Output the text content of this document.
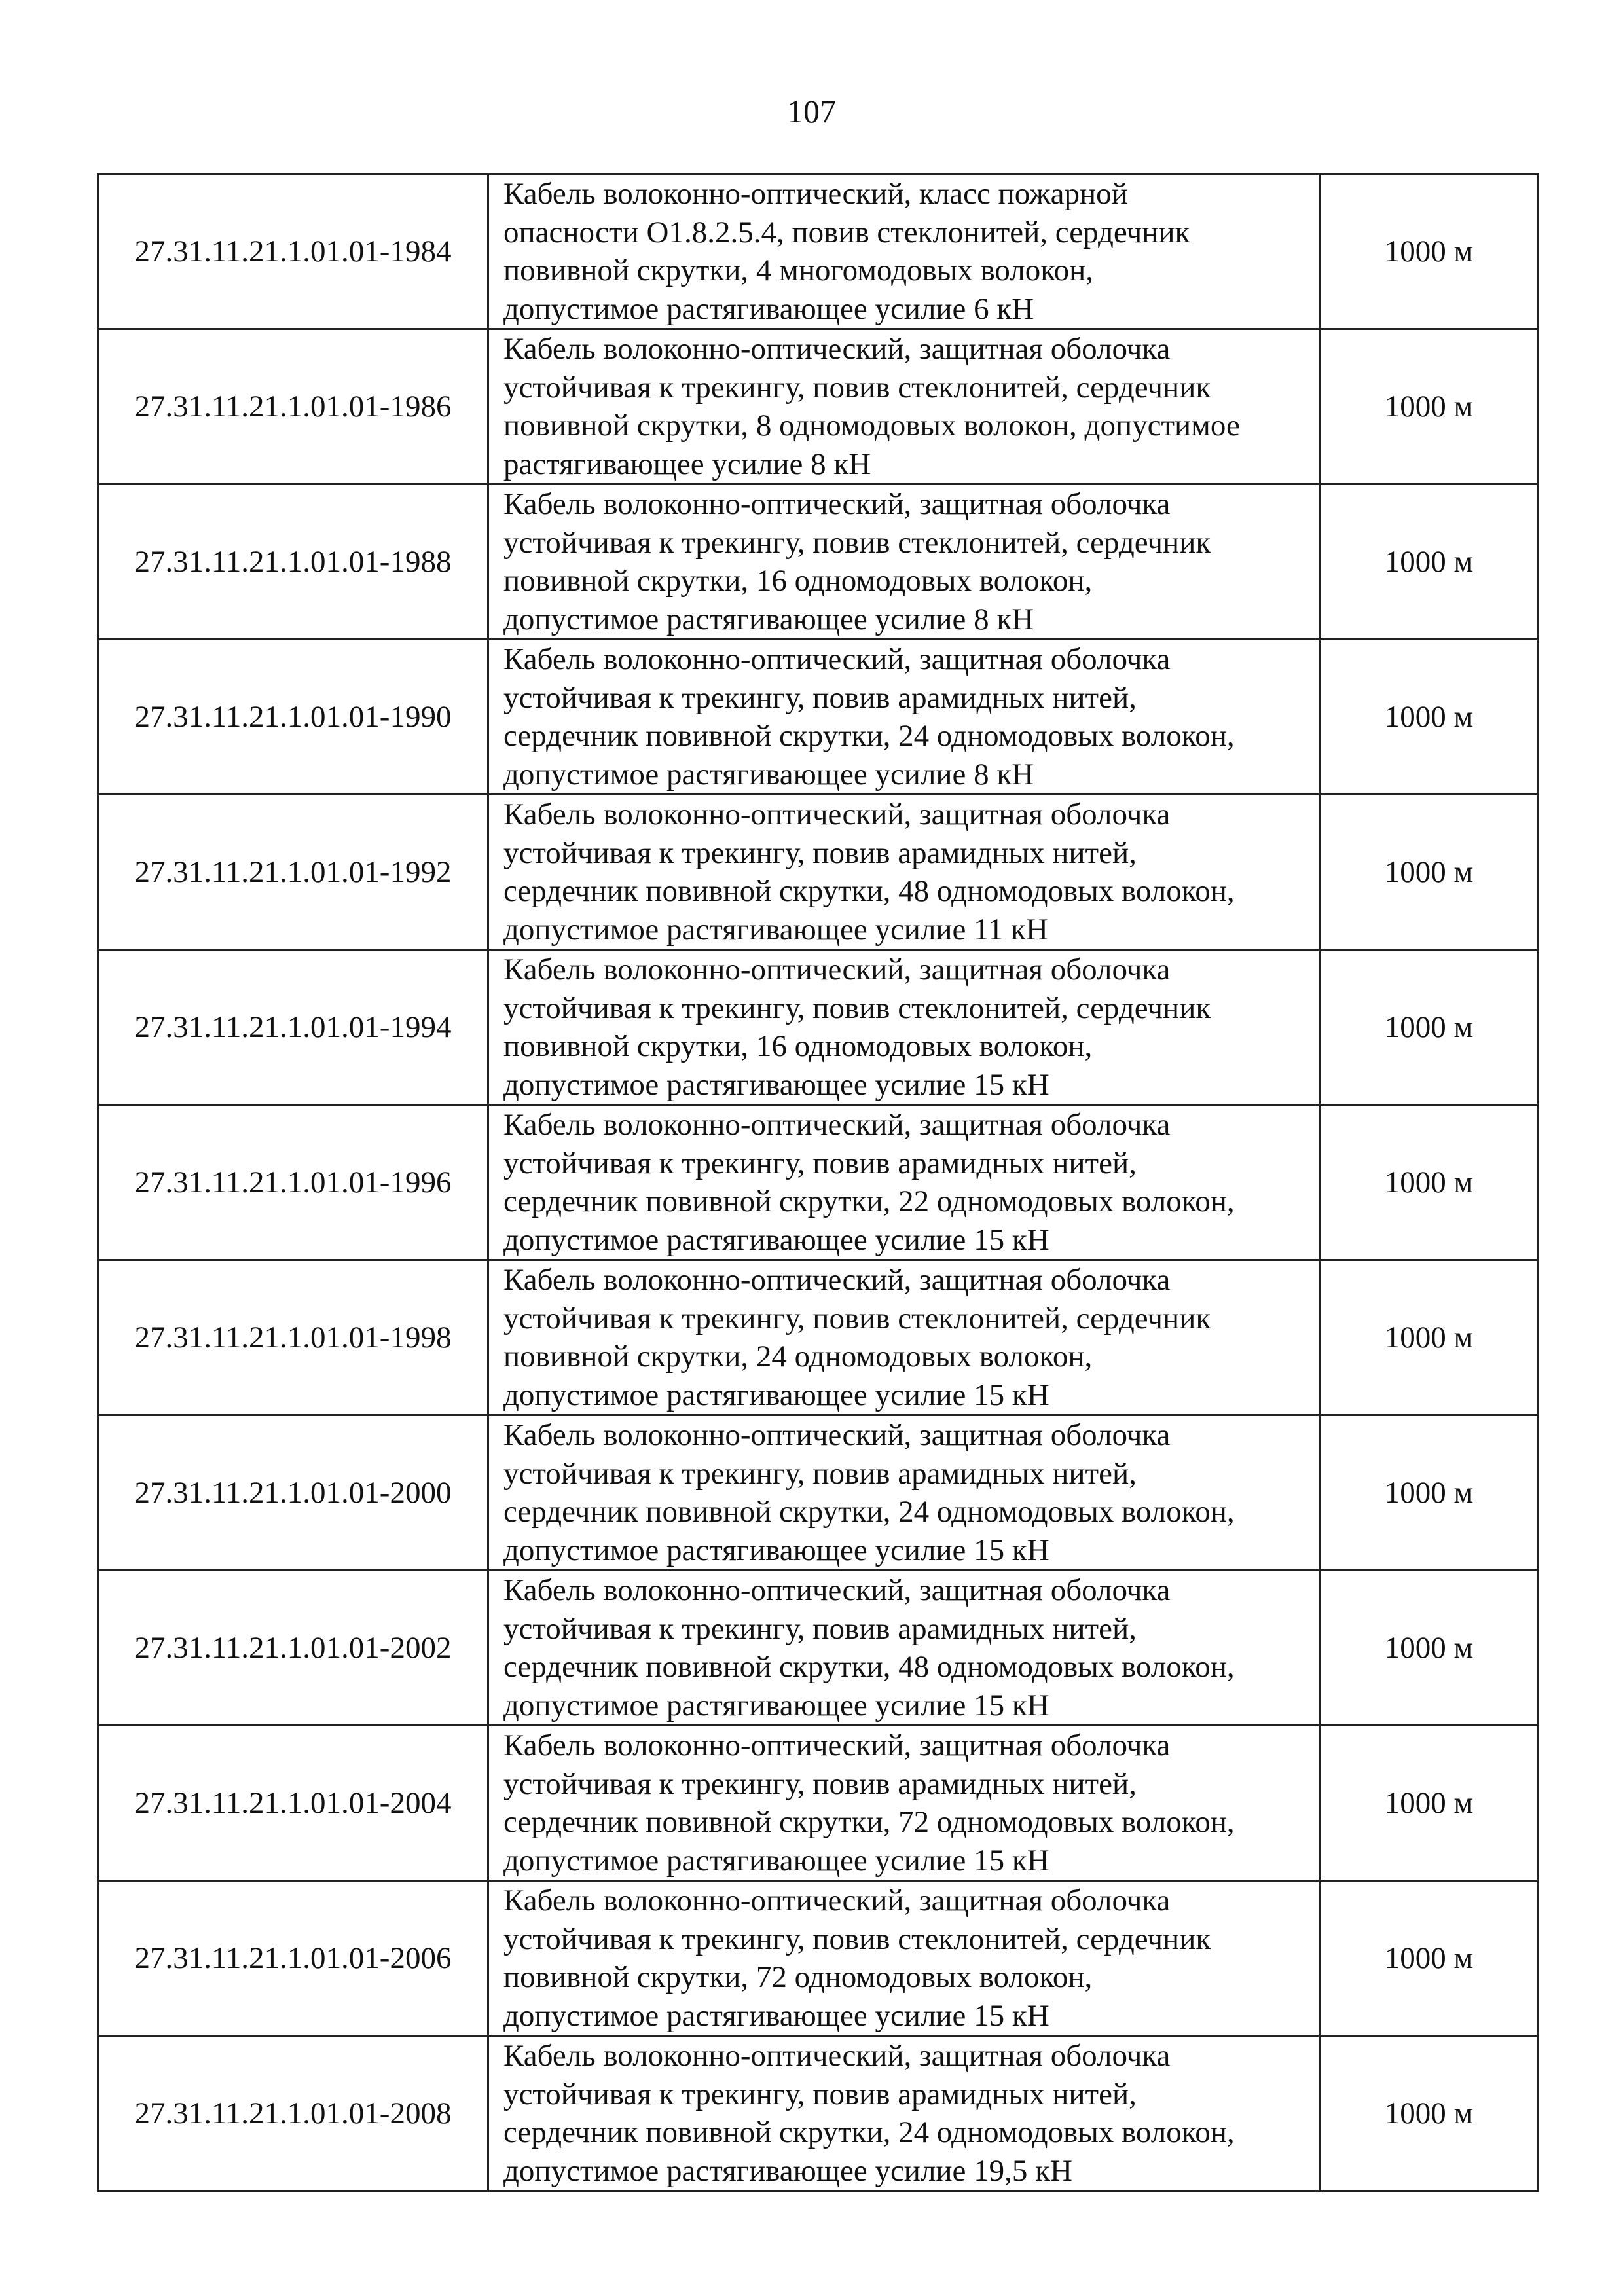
107
27.31.11.21.1.01.01-1984	Кабель волоконно-оптический, класс пожарной
опасности О1.8.2.5.4, повив стеклонитей, сердечник
повивной скрутки, 4 многомодовых волокон,
допустимое растягивающее усилие 6 кН	1000 м
27.31.11.21.1.01.01-1986	Кабель волоконно-оптический, защитная оболочка
устойчивая к трекингу, повив стеклонитей, сердечник
повивной скрутки, 8 одномодовых волокон, допустимое
растягивающее усилие 8 кН	1000 м
27.31.11.21.1.01.01-1988	Кабель волоконно-оптический, защитная оболочка
устойчивая к трекингу, повив стеклонитей, сердечник
повивной скрутки, 16 одномодовых волокон,
допустимое растягивающее усилие 8 кН	1000 м
27.31.11.21.1.01.01-1990	Кабель волоконно-оптический, защитная оболочка
устойчивая к трекингу, повив арамидных нитей,
сердечник повивной скрутки, 24 одномодовых волокон,
допустимое растягивающее усилие 8 кН	1000 м
27.31.11.21.1.01.01-1992	Кабель волоконно-оптический, защитная оболочка
устойчивая к трекингу, повив арамидных нитей,
сердечник повивной скрутки, 48 одномодовых волокон,
допустимое растягивающее усилие 11 кН	1000 м
27.31.11.21.1.01.01-1994	Кабель волоконно-оптический, защитная оболочка
устойчивая к трекингу, повив стеклонитей, сердечник
повивной скрутки, 16 одномодовых волокон,
допустимое растягивающее усилие 15 кН	1000 м
27.31.11.21.1.01.01-1996	Кабель волоконно-оптический, защитная оболочка
устойчивая к трекингу, повив арамидных нитей,
сердечник повивной скрутки, 22 одномодовых волокон,
допустимое растягивающее усилие 15 кН	1000 м
27.31.11.21.1.01.01-1998	Кабель волоконно-оптический, защитная оболочка
устойчивая к трекингу, повив стеклонитей, сердечник
повивной скрутки, 24 одномодовых волокон,
допустимое растягивающее усилие 15 кН	1000 м
27.31.11.21.1.01.01-2000	Кабель волоконно-оптический, защитная оболочка
устойчивая к трекингу, повив арамидных нитей,
сердечник повивной скрутки, 24 одномодовых волокон,
допустимое растягивающее усилие 15 кН	1000 м
27.31.11.21.1.01.01-2002	Кабель волоконно-оптический, защитная оболочка
устойчивая к трекингу, повив арамидных нитей,
сердечник повивной скрутки, 48 одномодовых волокон,
допустимое растягивающее усилие 15 кН	1000 м
27.31.11.21.1.01.01-2004	Кабель волоконно-оптический, защитная оболочка
устойчивая к трекингу, повив арамидных нитей,
сердечник повивной скрутки, 72 одномодовых волокон,
допустимое растягивающее усилие 15 кН	1000 м
27.31.11.21.1.01.01-2006	Кабель волоконно-оптический, защитная оболочка
устойчивая к трекингу, повив стеклонитей, сердечник
повивной скрутки, 72 одномодовых волокон,
допустимое растягивающее усилие 15 кН	1000 м
27.31.11.21.1.01.01-2008	Кабель волоконно-оптический, защитная оболочка
устойчивая к трекингу, повив арамидных нитей,
сердечник повивной скрутки, 24 одномодовых волокон,
допустимое растягивающее усилие 19,5 кН	1000 м
